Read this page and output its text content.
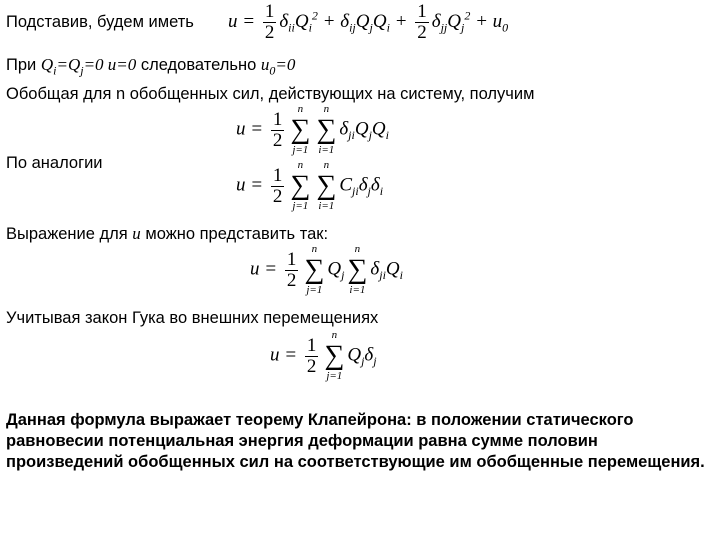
Подставив, будем иметь $u = \frac{1}{2} \delta_{ii}Q_i^2 + \delta_{ij}Q_jQ_i + \frac{1}{2} \delta_{jj}Q_j^2 + u_0$
При $Q_i=Q_j=0$ u=0 следовательно $u_0=0$
Обобщая для n обобщенных сил, действующих на систему, получим
$u = \frac{1}{2}$
n
∑
j=1
n
∑
i=1
$\delta_{ji}Q_jQ_i$
По аналогии
$u = \frac{1}{2}$
n
∑
j=1
n
∑
i=1
$C_{ji}\delta_j\delta_i$
Выражение для u можно представить так:
$u = \frac{1}{2}$
n
∑
j=1
$Q_j$
n
∑
i=1
$\delta_{ji}Q_i$
Учитывая закон Гука во внешних перемещениях
$u = \frac{1}{2}$
n
∑
j=1
$Q_j\delta_j$
Данная формула выражает теорему Клапейрона: в положении статического равновесии потенциальная энергия деформации равна сумме половин произведений обобщенных сил на соответствующие им обобщенные перемещения.
